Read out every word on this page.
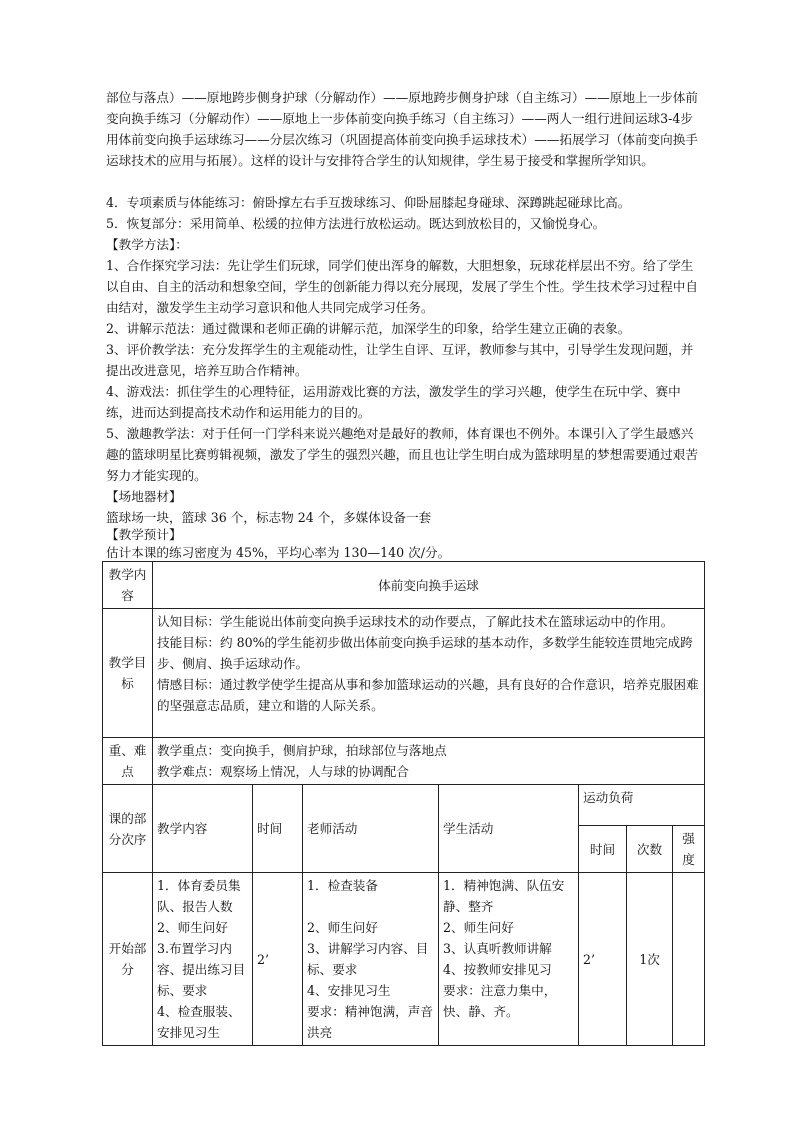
部位与落点）——原地跨步侧身护球（分解动作）——原地跨步侧身护球（自主练习）——原地上一步体前变向换手练习（分解动作）——原地上一步体前变向换手练习（自主练习）——两人一组行进间运球3-4步用体前变向换手运球练习——分层次练习（巩固提高体前变向换手运球技术）——拓展学习（体前变向换手运球技术的应用与拓展）。这样的设计与安排符合学生的认知规律，学生易于接受和掌握所学知识。

4．专项素质与体能练习：俯卧撑左右手互拨球练习、仰卧屈膝起身碰球、深蹲跳起碰球比高。

5．恢复部分：采用简单、松缓的拉伸方法进行放松运动。既达到放松目的，又愉悦身心。

【教学方法】：

1、合作探究学习法：先让学生们玩球，同学们使出浑身的解数，大胆想象，玩球花样层出不穷。给了学生以自由、自主的活动和想象空间，学生的创新能力得以充分展现，发展了学生个性。学生技术学习过程中自由结对，激发学生主动学习意识和他人共同完成学习任务。

2、讲解示范法：通过微课和老师正确的讲解示范，加深学生的印象，给学生建立正确的表象。

3、评价教学法：充分发挥学生的主观能动性，让学生自评、互评，教师参与其中，引导学生发现问题，并提出改进意见，培养互助合作精神。

4、游戏法：抓住学生的心理特征，运用游戏比赛的方法，激发学生的学习兴趣，使学生在玩中学、赛中练，进而达到提高技术动作和运用能力的目的。

5、激趣教学法：对于任何一门学科来说兴趣绝对是最好的教师，体育课也不例外。本课引入了学生最感兴趣的篮球明星比赛剪辑视频，激发了学生的强烈兴趣，而且也让学生明白成为篮球明星的梦想需要通过艰苦努力才能实现的。

【场地器材】

篮球场一块，篮球 36 个，标志物 24 个，多媒体设备一套

【教学预计】

估计本课的练习密度为 45%，平均心率为 130—140 次/分。

教学内容	体前变向换手运球						
教学目标	认知目标：学生能说出体前变向换手运球技术的动作要点，了解此技术在篮球运动中的作用。
技能目标：约 80%的学生能初步做出体前变向换手运球的基本动作，多数学生能较连贯地完成跨步、侧肩、换手运球动作。
情感目标：通过教学使学生提高从事和参加篮球运动的兴趣，具有良好的合作意识，培养克服困难的坚强意志品质，建立和谐的人际关系。						

重、难点	教学重点：变向换手，侧肩护球，拍球部位与落地点
教学难点：观察场上情况，人与球的协调配合						

课的部分次序	教学内容	时间	老师活动	学生活动	运动负荷		
					时间	次数	强度
开始部分	1．体育委员集队、报告人数
2、师生问好
3.布置学习内容、提出练习目标、要求
4、检查服装、安排见习生	2’	1．检查装备
2、师生问好
3、讲解学习内容、目标、要求
4、安排见习生
要求：精神饱满，声音洪亮	1．精神饱满、队伍安静、整齐
2、师生问好
3、认真听教师讲解
4、按教师安排见习
要求：注意力集中，快、静、齐。	2’	1次	
